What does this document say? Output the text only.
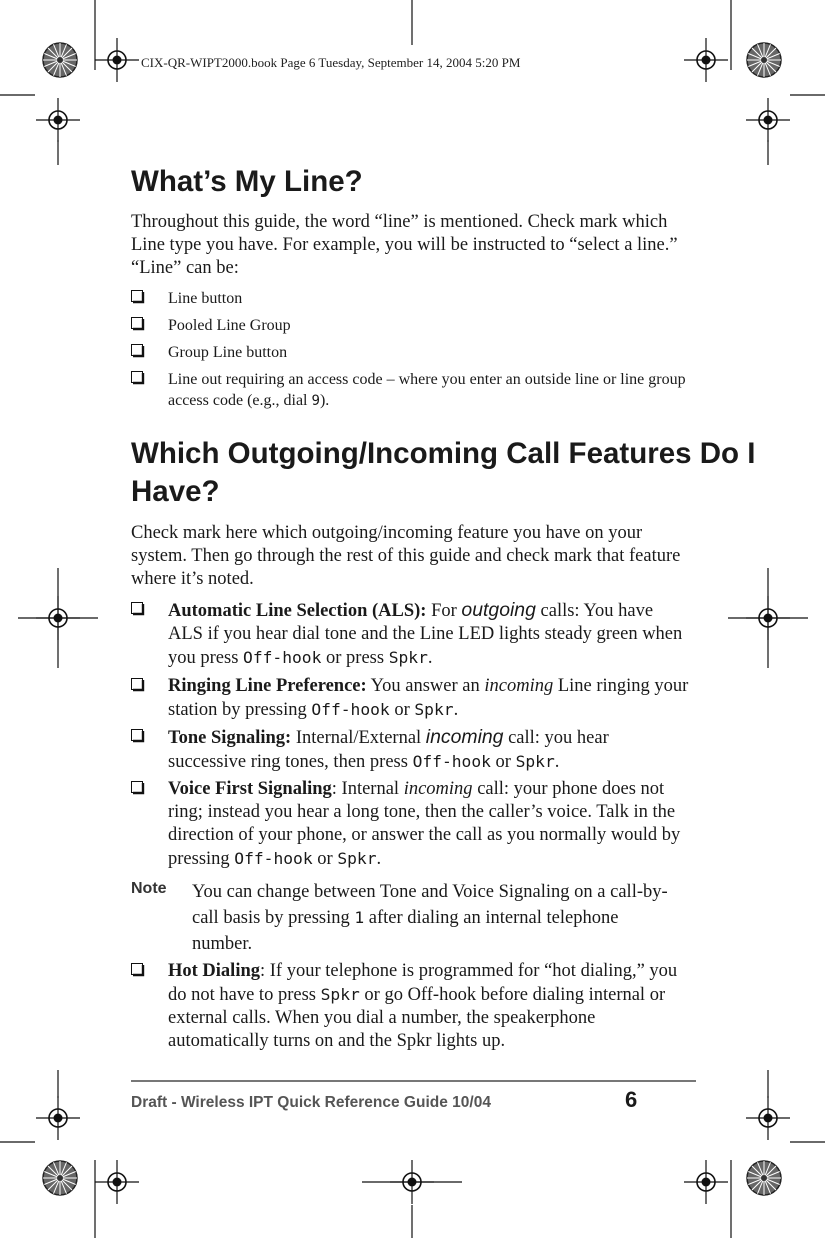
CIX-QR-WIPT2000.book Page 6 Tuesday, September 14, 2004 5:20 PM
What’s My Line?

Throughout this guide, the word “line” is mentioned. Check mark which Line type you have. For example, you will be instructed to “select a line.” “Line” can be:

Line button
Pooled Line Group
Group Line button
Line out requiring an access code – where you enter an outside line or line group access code (e.g., dial 9).
Which Outgoing/Incoming Call Features Do I Have?

Check mark here which outgoing/incoming feature you have on your system. Then go through the rest of this guide and check mark that feature where it’s noted.

Automatic Line Selection (ALS): For outgoing calls: You have ALS if you hear dial tone and the Line LED lights steady green when you press Off-hook or press Spkr.
Ringing Line Preference: You answer an incoming Line ringing your station by pressing Off-hook or Spkr.
Tone Signaling: Internal/External incoming call: you hear successive ring tones, then press Off-hook or Spkr.
Voice First Signaling: Internal incoming call: your phone does not ring; instead you hear a long tone, then the caller’s voice. Talk in the direction of your phone, or answer the call as you normally would by pressing Off-hook or Spkr.
Note You can change between Tone and Voice Signaling on a call-by-call basis by pressing 1 after dialing an internal telephone number.
Hot Dialing: If your telephone is programmed for “hot dialing,” you do not have to press Spkr or go Off-hook before dialing internal or external calls. When you dial a number, the speakerphone automatically turns on and the Spkr lights up.
Draft - Wireless IPT Quick Reference Guide 10/04	6
